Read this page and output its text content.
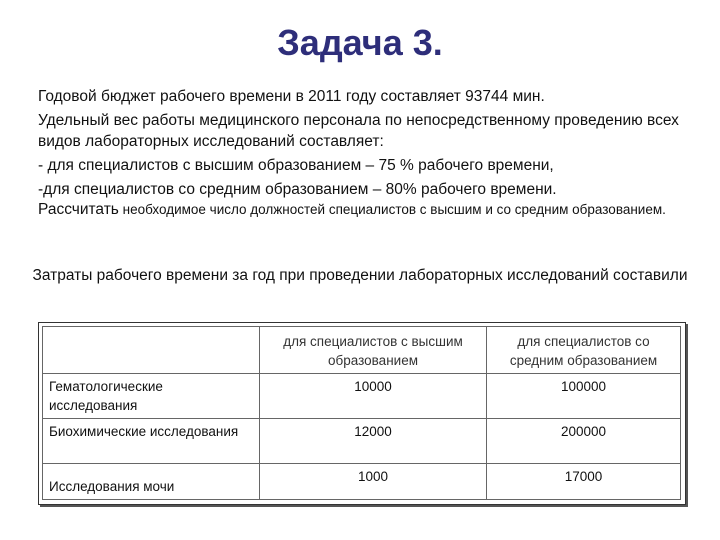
Задача 3.

Годовой бюджет рабочего времени в 2011 году составляет 93744 мин.

Удельный вес работы медицинского персонала по непосредственному проведению всех видов лабораторных исследований составляет:

- для специалистов с высшим образованием – 75 % рабочего времени,

-для специалистов со средним образованием – 80% рабочего времени.

Рассчитать необходимое число должностей специалистов с высшим и со средним образованием.

Затраты рабочего времени за год при проведении лабораторных исследований составили
	для специалистов с высшим образованием	для специалистов со средним образованием
Гематологические исследования	10000	100000
Биохимические исследования	12000	200000
Исследования мочи	1000	17000
